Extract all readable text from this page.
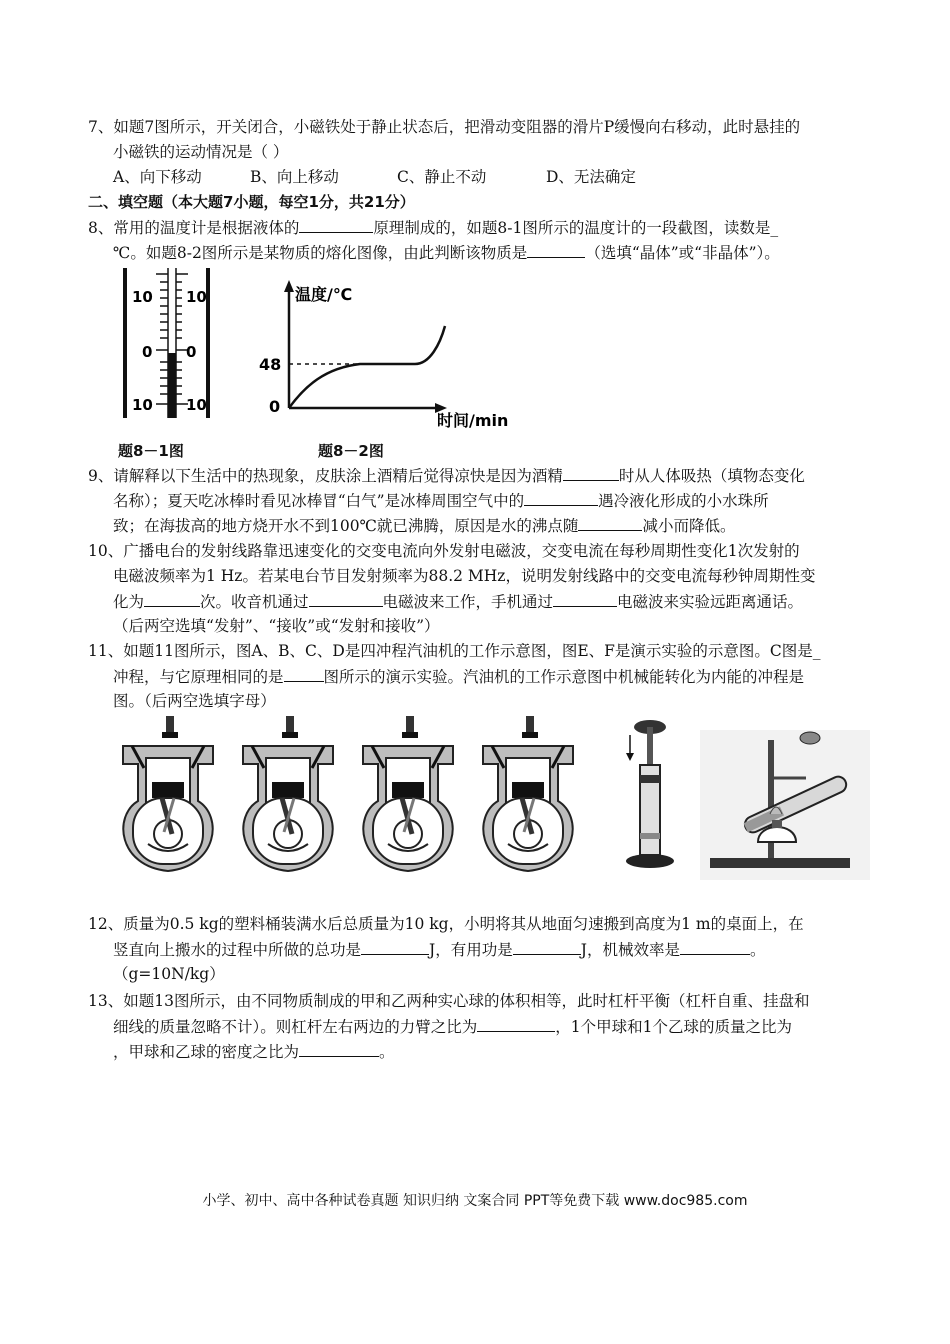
7、如题7图所示，开关闭合，小磁铁处于静止状态后，把滑动变阻器的滑片P缓慢向右移动，此时悬挂的
小磁铁的运动情况是（ ）
A、向下移动	B、向上移动	C、静止不动	D、无法确定
二、填空题（本大题7小题，每空1分，共21分）
8、常用的温度计是根据液体的	原理制成的，如题8-1图所示的温度计的一段截图，读数是_
℃。如题8-2图所示是某物质的熔化图像，由此判断该物质是	（选填“晶体”或“非晶体”）。
10
0
10
10
0
10
题8－1图
温度/℃
48
0
时间/min
题8－2图
9、请解释以下生活中的热现象，皮肤涂上酒精后觉得凉快是因为酒精	时从人体吸热（填物态变化
名称）；夏天吃冰棒时看见冰棒冒“白气”是冰棒周围空气中的	遇冷液化形成的小水珠所
致；在海拔高的地方烧开水不到100℃就已沸腾，原因是水的沸点随	减小而降低。
10、广播电台的发射线路靠迅速变化的交变电流向外发射电磁波，交变电流在每秒周期性变化1次发射的
电磁波频率为1 Hz。若某电台节目发射频率为88.2 MHz，说明发射线路中的交变电流每秒钟周期性变
化为	次。收音机通过	电磁波来工作，手机通过	电磁波来实验远距离通话。
（后两空选填“发射”、“接收”或“发射和接收”）
11、如题11图所示，图A、B、C、D是四冲程汽油机的工作示意图，图E、F是演示实验的示意图。C图是_
冲程，与它原理相同的是	图所示的演示实验。汽油机的工作示意图中机械能转化为内能的冲程是
图。（后两空选填字母）
12、质量为0.5 kg的塑料桶装满水后总质量为10 kg，小明将其从地面匀速搬到高度为1 m的桌面上，在
竖直向上搬水的过程中所做的总功是	J，有用功是	J，机械效率是	。
（g=10N/kg）
13、如题13图所示，由不同物质制成的甲和乙两种实心球的体积相等，此时杠杆平衡（杠杆自重、挂盘和
细线的质量忽略不计）。则杠杆左右两边的力臂之比为	，1个甲球和1个乙球的质量之比为
，甲球和乙球的密度之比为	。
小学、初中、高中各种试卷真题 知识归纳 文案合同 PPT等免费下载 www.doc985.com
